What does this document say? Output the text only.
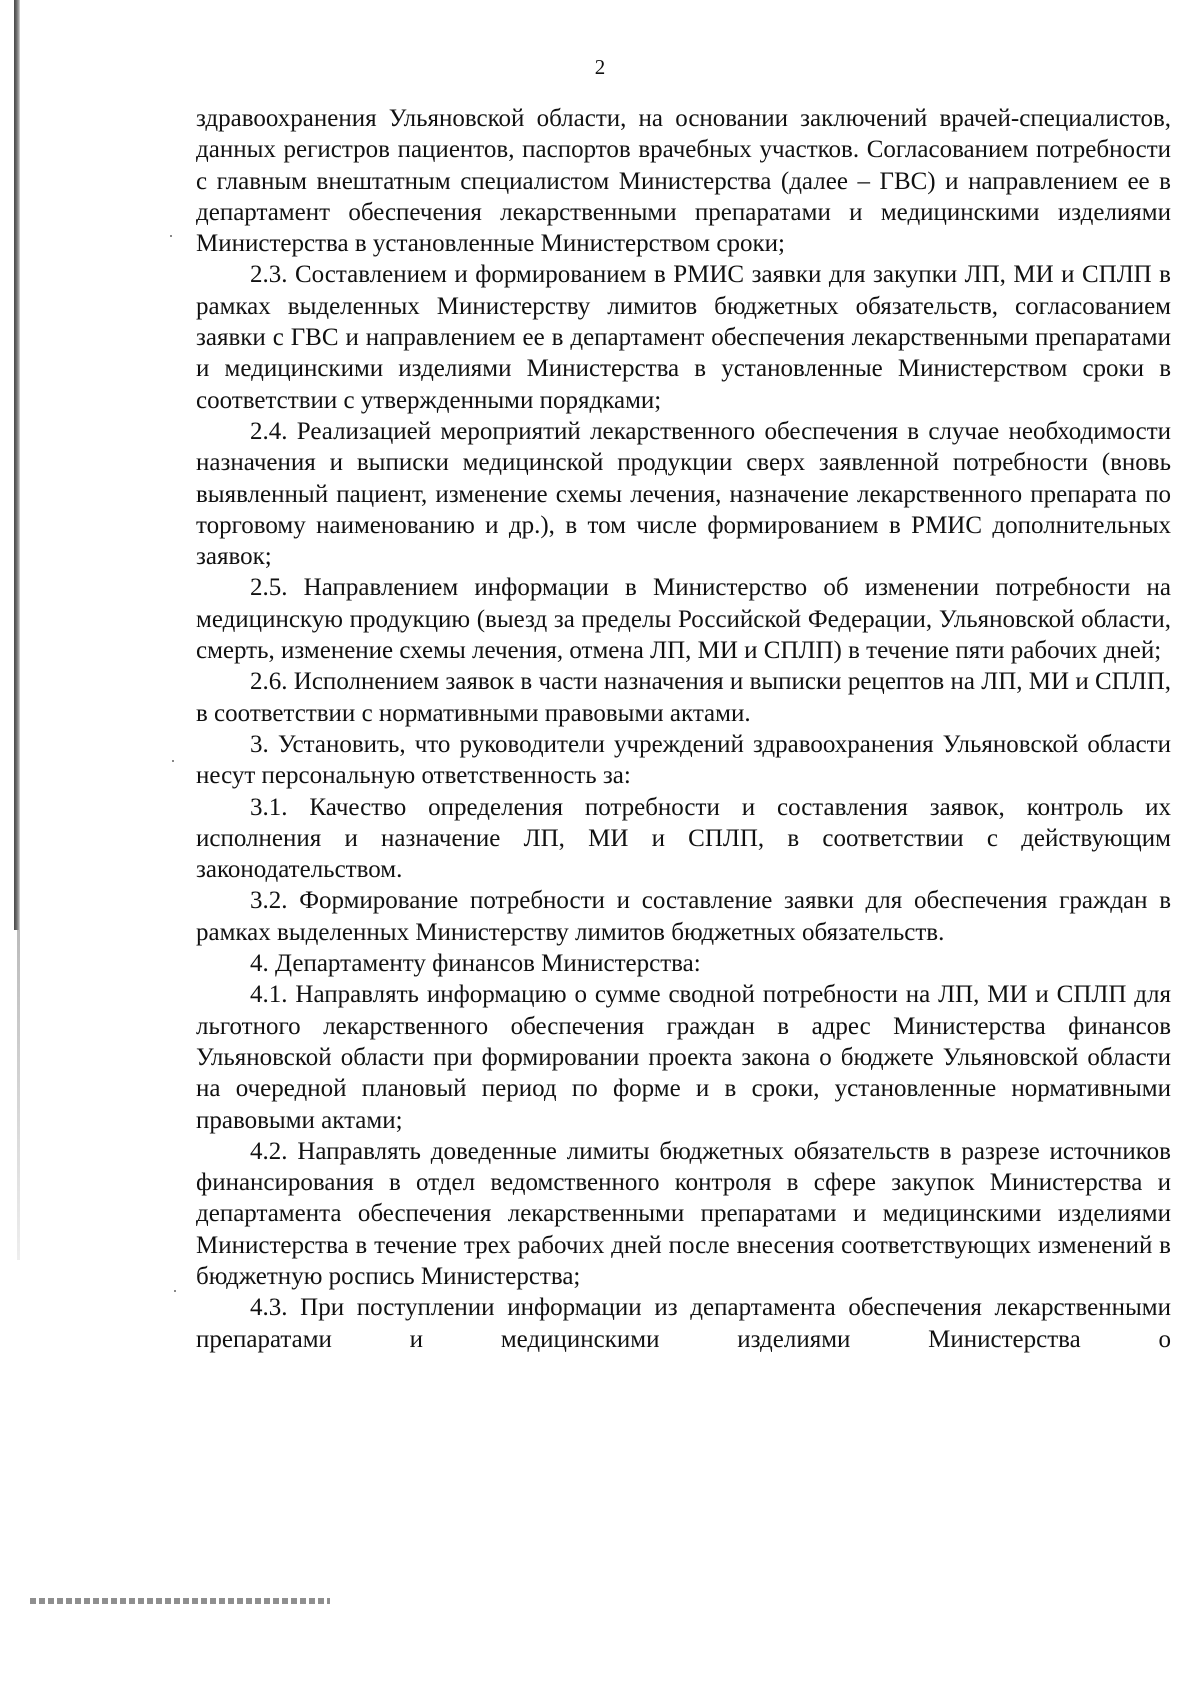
2

здравоохранения Ульяновской области, на основании заключений врачей-специалистов, данных регистров пациентов, паспортов врачебных участков. Согласованием потребности с главным внештатным специалистом Министерства (далее – ГВС) и направлением ее в департамент обеспечения лекарственными препаратами и медицинскими изделиями Министерства в установленные Министерством сроки;

2.3. Составлением и формированием в РМИС заявки для закупки ЛП, МИ и СПЛП в рамках выделенных Министерству лимитов бюджетных обязательств, согласованием заявки с ГВС и направлением ее в департамент обеспечения лекарственными препаратами и медицинскими изделиями Министерства в установленные Министерством сроки в соответствии с утвержденными порядками;

2.4. Реализацией мероприятий лекарственного обеспечения в случае необходимости назначения и выписки медицинской продукции сверх заявленной потребности (вновь выявленный пациент, изменение схемы лечения, назначение лекарственного препарата по торговому наименованию и др.), в том числе формированием в РМИС дополнительных заявок;

2.5. Направлением информации в Министерство об изменении потребности на медицинскую продукцию (выезд за пределы Российской Федерации, Ульяновской области, смерть, изменение схемы лечения, отмена ЛП, МИ и СПЛП) в течение пяти рабочих дней;

2.6. Исполнением заявок в части назначения и выписки рецептов на ЛП, МИ и СПЛП, в соответствии с нормативными правовыми актами.

3. Установить, что руководители учреждений здравоохранения Ульяновской области несут персональную ответственность за:

3.1. Качество определения потребности и составления заявок, контроль их исполнения и назначение ЛП, МИ и СПЛП, в соответствии с действующим законодательством.

3.2. Формирование потребности и составление заявки для обеспечения граждан в рамках выделенных Министерству лимитов бюджетных обязательств.

4. Департаменту финансов Министерства:

4.1. Направлять информацию о сумме сводной потребности на ЛП, МИ и СПЛП для льготного лекарственного обеспечения граждан в адрес Министерства финансов Ульяновской области при формировании проекта закона о бюджете Ульяновской области на очередной плановый период по форме и в сроки, установленные нормативными правовыми актами;

4.2. Направлять доведенные лимиты бюджетных обязательств в разрезе источников финансирования в отдел ведомственного контроля в сфере закупок Министерства и департамента обеспечения лекарственными препаратами и медицинскими изделиями Министерства в течение трех рабочих дней после внесения соответствующих изменений в бюджетную роспись Министерства;

4.3. При поступлении информации из департамента обеспечения лекарственными препаратами и медицинскими изделиями Министерства о
